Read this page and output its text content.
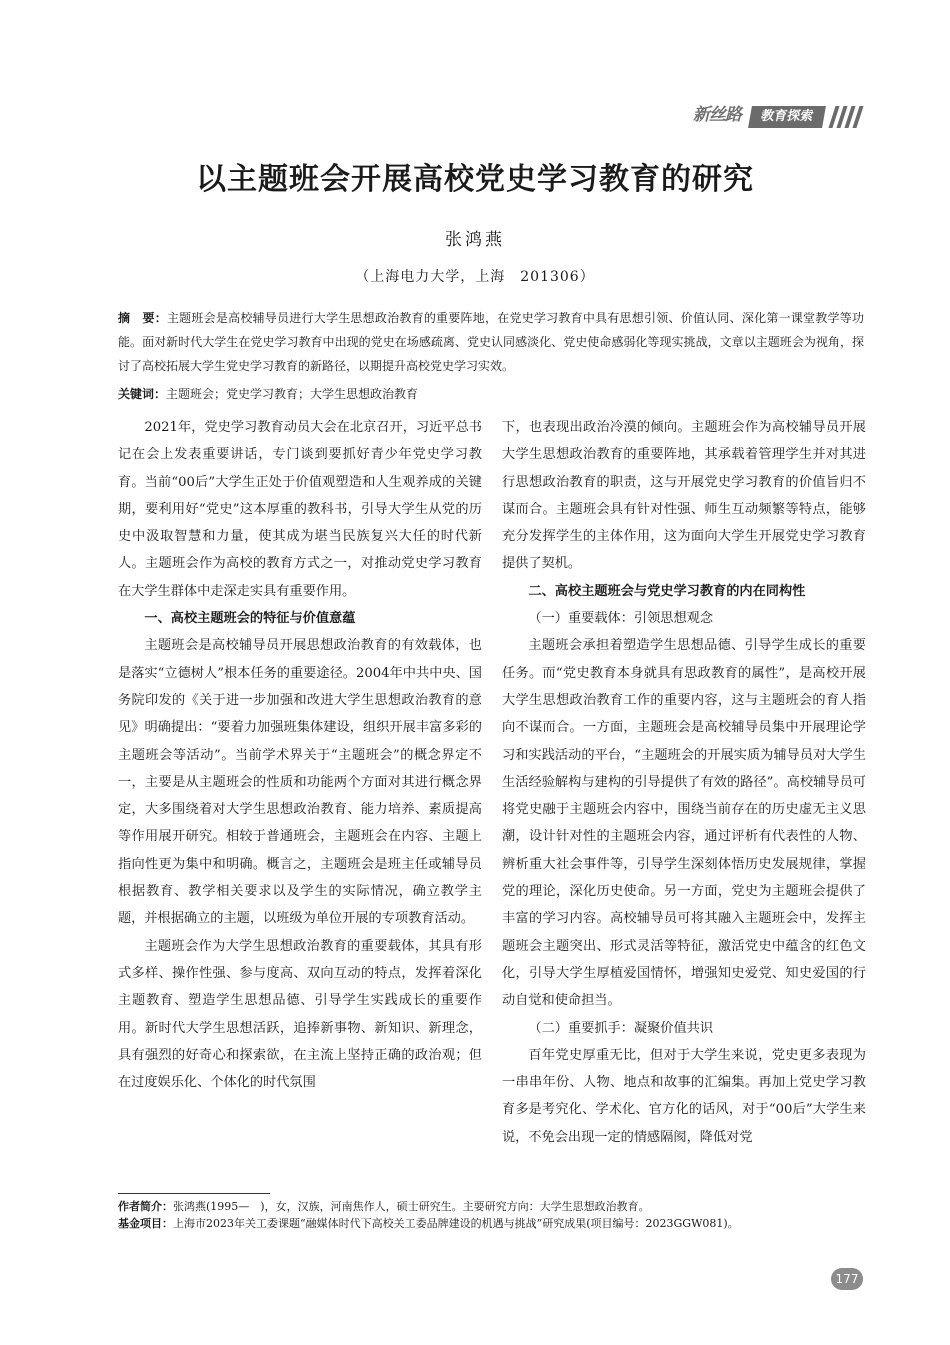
新丝路	教育探索
以主题班会开展高校党史学习教育的研究
张鸿燕
（上海电力大学，上海　201306）
摘　要：主题班会是高校辅导员进行大学生思想政治教育的重要阵地，在党史学习教育中具有思想引领、价值认同、深化第一课堂教学等功能。面对新时代大学生在党史学习教育中出现的党史在场感疏离、党史认同感淡化、党史使命感弱化等现实挑战，文章以主题班会为视角，探讨了高校拓展大学生党史学习教育的新路径，以期提升高校党史学习实效。
关键词：主题班会；党史学习教育；大学生思想政治教育

2021年，党史学习教育动员大会在北京召开，习近平总书记在会上发表重要讲话，专门谈到要抓好青少年党史学习教育。当前“00后”大学生正处于价值观塑造和人生观养成的关键期，要利用好“党史”这本厚重的教科书，引导大学生从党的历史中汲取智慧和力量，使其成为堪当民族复兴大任的时代新人。主题班会作为高校的教育方式之一，对推动党史学习教育在大学生群体中走深走实具有重要作用。

一、高校主题班会的特征与价值意蕴

主题班会是高校辅导员开展思想政治教育的有效载体，也是落实“立德树人”根本任务的重要途径。2004年中共中央、国务院印发的《关于进一步加强和改进大学生思想政治教育的意见》明确提出：“要着力加强班集体建设，组织开展丰富多彩的主题班会等活动”。当前学术界关于“主题班会”的概念界定不一，主要是从主题班会的性质和功能两个方面对其进行概念界定，大多围绕着对大学生思想政治教育、能力培养、素质提高等作用展开研究。相较于普通班会，主题班会在内容、主题上指向性更为集中和明确。概言之，主题班会是班主任或辅导员根据教育、教学相关要求以及学生的实际情况，确立教学主题，并根据确立的主题，以班级为单位开展的专项教育活动。

主题班会作为大学生思想政治教育的重要载体，其具有形式多样、操作性强、参与度高、双向互动的特点，发挥着深化主题教育、塑造学生思想品德、引导学生实践成长的重要作用。新时代大学生思想活跃，追捧新事物、新知识、新理念，具有强烈的好奇心和探索欲，在主流上坚持正确的政治观；但在过度娱乐化、个体化的时代氛围

下，也表现出政治冷漠的倾向。主题班会作为高校辅导员开展大学生思想政治教育的重要阵地，其承载着管理学生并对其进行思想政治教育的职责，这与开展党史学习教育的价值旨归不谋而合。主题班会具有针对性强、师生互动频繁等特点，能够充分发挥学生的主体作用，这为面向大学生开展党史学习教育提供了契机。

二、高校主题班会与党史学习教育的内在同构性
（一）重要载体：引领思想观念

主题班会承担着塑造学生思想品德、引导学生成长的重要任务。而“党史教育本身就具有思政教育的属性”，是高校开展大学生思想政治教育工作的重要内容，这与主题班会的育人指向不谋而合。一方面，主题班会是高校辅导员集中开展理论学习和实践活动的平台，“主题班会的开展实质为辅导员对大学生生活经验解构与建构的引导提供了有效的路径”。高校辅导员可将党史融于主题班会内容中，围绕当前存在的历史虚无主义思潮，设计针对性的主题班会内容，通过评析有代表性的人物、辨析重大社会事件等，引导学生深刻体悟历史发展规律，掌握党的理论，深化历史使命。另一方面，党史为主题班会提供了丰富的学习内容。高校辅导员可将其融入主题班会中，发挥主题班会主题突出、形式灵活等特征，激活党史中蕴含的红色文化，引导大学生厚植爱国情怀，增强知史爱党、知史爱国的行动自觉和使命担当。

（二）重要抓手：凝聚价值共识

百年党史厚重无比，但对于大学生来说，党史更多表现为一串串年份、人物、地点和故事的汇编集。再加上党史学习教育多是考究化、学术化、官方化的话风，对于“00后”大学生来说，不免会出现一定的情感隔阂，降低对党

作者简介：张鸿燕(1995—　)，女，汉族，河南焦作人，硕士研究生。主要研究方向：大学生思想政治教育。
基金项目：上海市2023年关工委课题“融媒体时代下高校关工委品牌建设的机遇与挑战”研究成果(项目编号：2023GGW081)。
177
